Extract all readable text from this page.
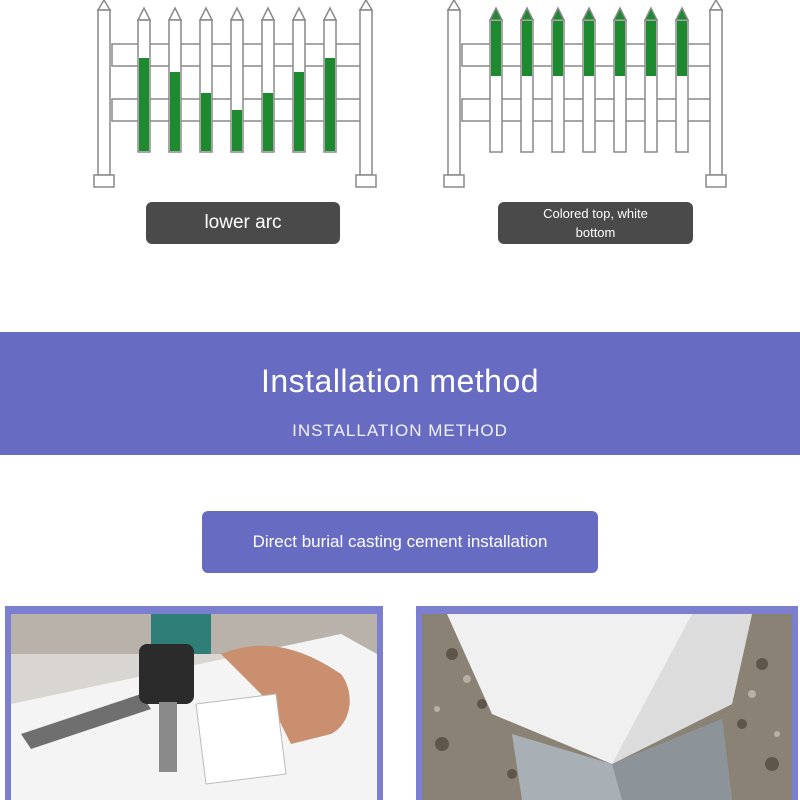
lower arc	Colored top, white bottom
Installation method
INSTALLATION METHOD
Direct burial casting cement installation
